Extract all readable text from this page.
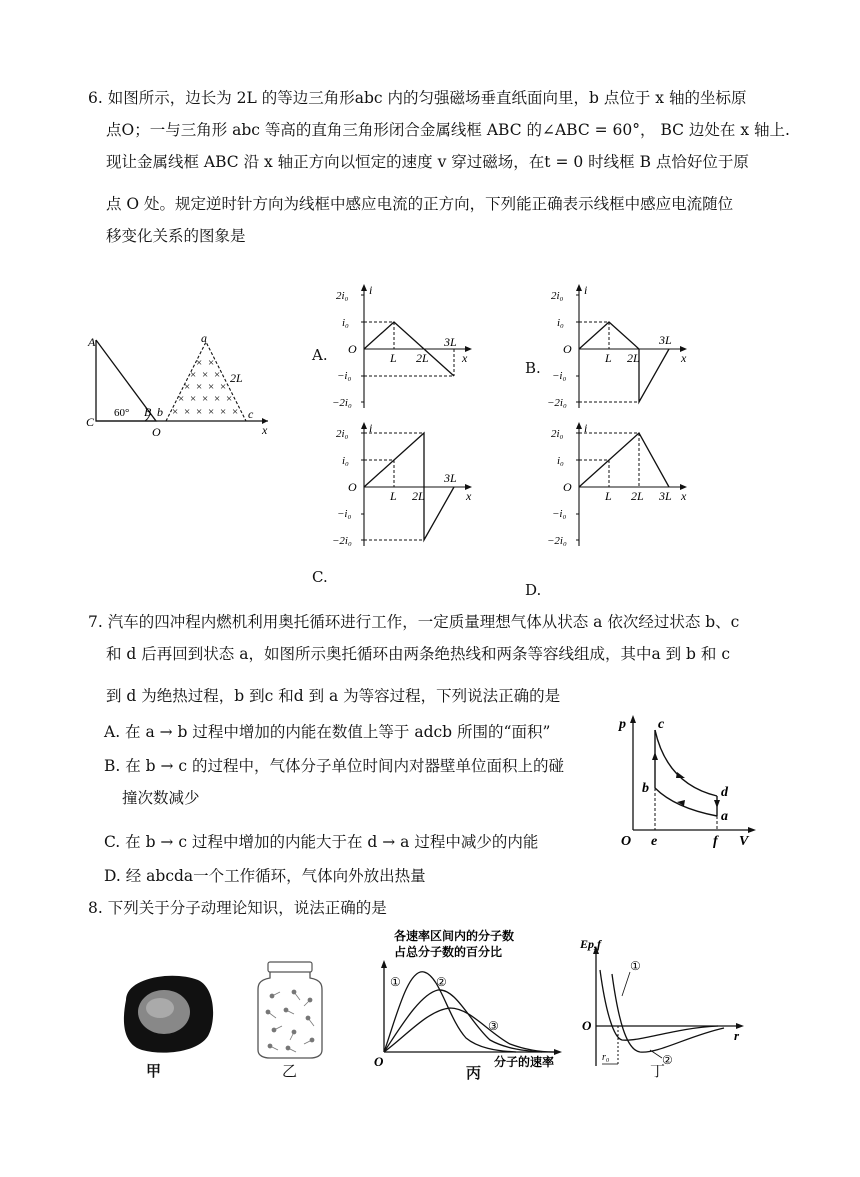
6. 如图所示，边长为 2L 的等边三角形abc 内的匀强磁场垂直纸面向里，b 点位于 x 轴的坐标原
点O；一与三角形 abc 等高的直角三角形闭合金属线框 ABC 的∠ABC = 60°， BC 边处在 x 轴上.
现让金属线框 ABC 沿 x 轴正方向以恒定的速度 v 穿过磁场，在t = 0 时线框 B 点恰好位于原
点 O 处。规定逆时针方向为线框中感应电流的正方向，下列能正确表示线框中感应电流随位
移变化关系的图象是
× ×
× × ×
× × × ×
× × × × ×
× × × × × ×
A
C
60° B b
O
a
2L
c
x
A.
B.
C.
D.
2i₀
i₀
O
−i₀
−2i₀
i
L 2L
3L
x
2i₀
i₀
O
−i₀
−2i₀
i
L 2L
3L
x
2i₀
i₀
O
−i₀
−2i₀
i
L 2L
3L
x
2i₀
i₀
O
−i₀
−2i₀
i
L 2L 3L x
7. 汽车的四冲程内燃机利用奥托循环进行工作，一定质量理想气体从状态 a 依次经过状态 b、c
和 d 后再回到状态 a，如图所示奥托循环由两条绝热线和两条等容线组成，其中a 到 b 和 c
到 d 为绝热过程，b 到c 和d 到 a 为等容过程，下列说法正确的是
A. 在 a → b 过程中增加的内能在数值上等于 adcb 所围的“面积”
B. 在 b → c 的过程中，气体分子单位时间内对器壁单位面积上的碰
撞次数减少
C. 在 b → c 过程中增加的内能大于在 d → a 过程中减少的内能
D. 经 abcda一个工作循环，气体向外放出热量
p c
b	d
a
O e	f V
8. 下列关于分子动理论知识，说法正确的是
甲	乙
各速率区间内的分子数
占总分子数的百分比
①	②
③
O	分子的速率
丙
Ep,f
①
②
O
r
r₀
丁
